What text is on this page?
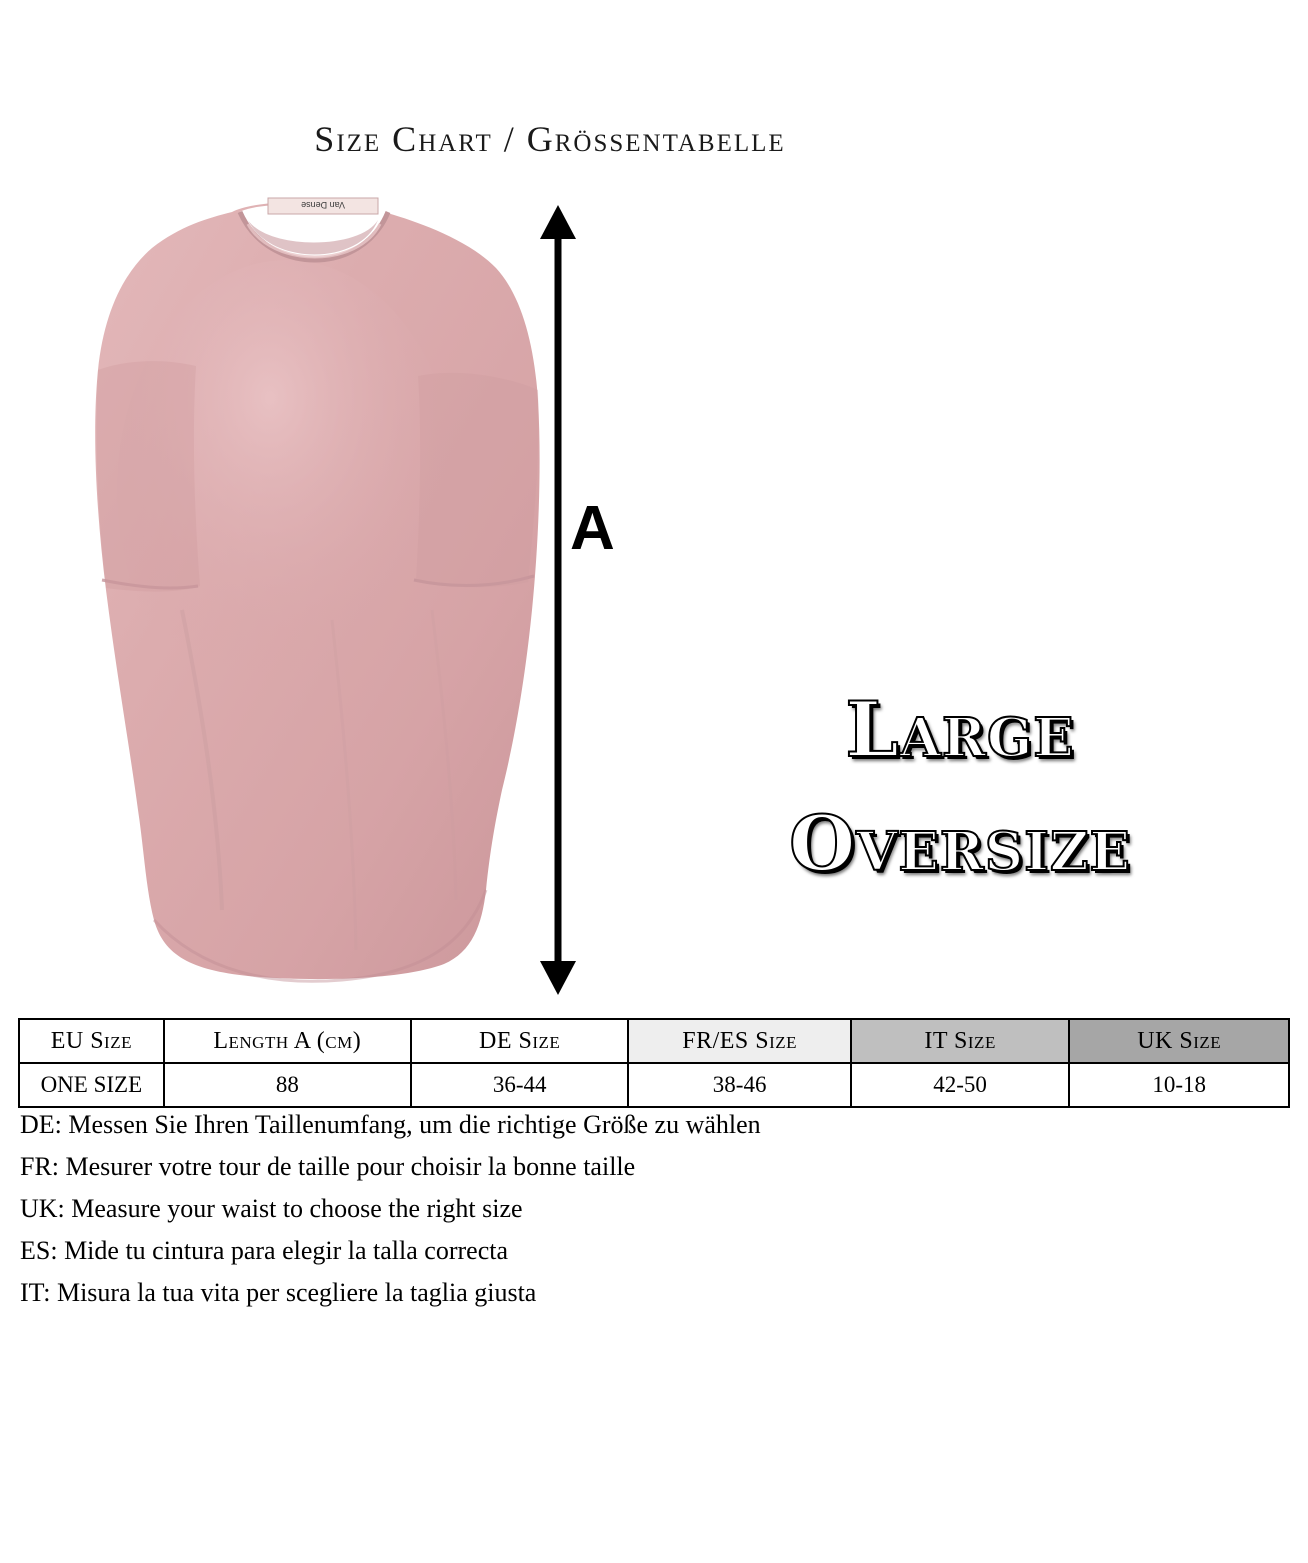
Size Chart / Grössentabelle
Van Dense
A
Large
Oversize
EU Size	Length A (cm)	DE Size	FR/ES Size	IT Size	UK Size
ONE SIZE	88	36-44	38-46	42-50	10-18
DE: Messen Sie Ihren Taillenumfang, um die richtige Größe zu wählen
FR: Mesurer votre tour de taille pour choisir la bonne taille
UK: Measure your waist to choose the right size
ES: Mide tu cintura para elegir la talla correcta
IT: Misura la tua vita per scegliere la taglia giusta
